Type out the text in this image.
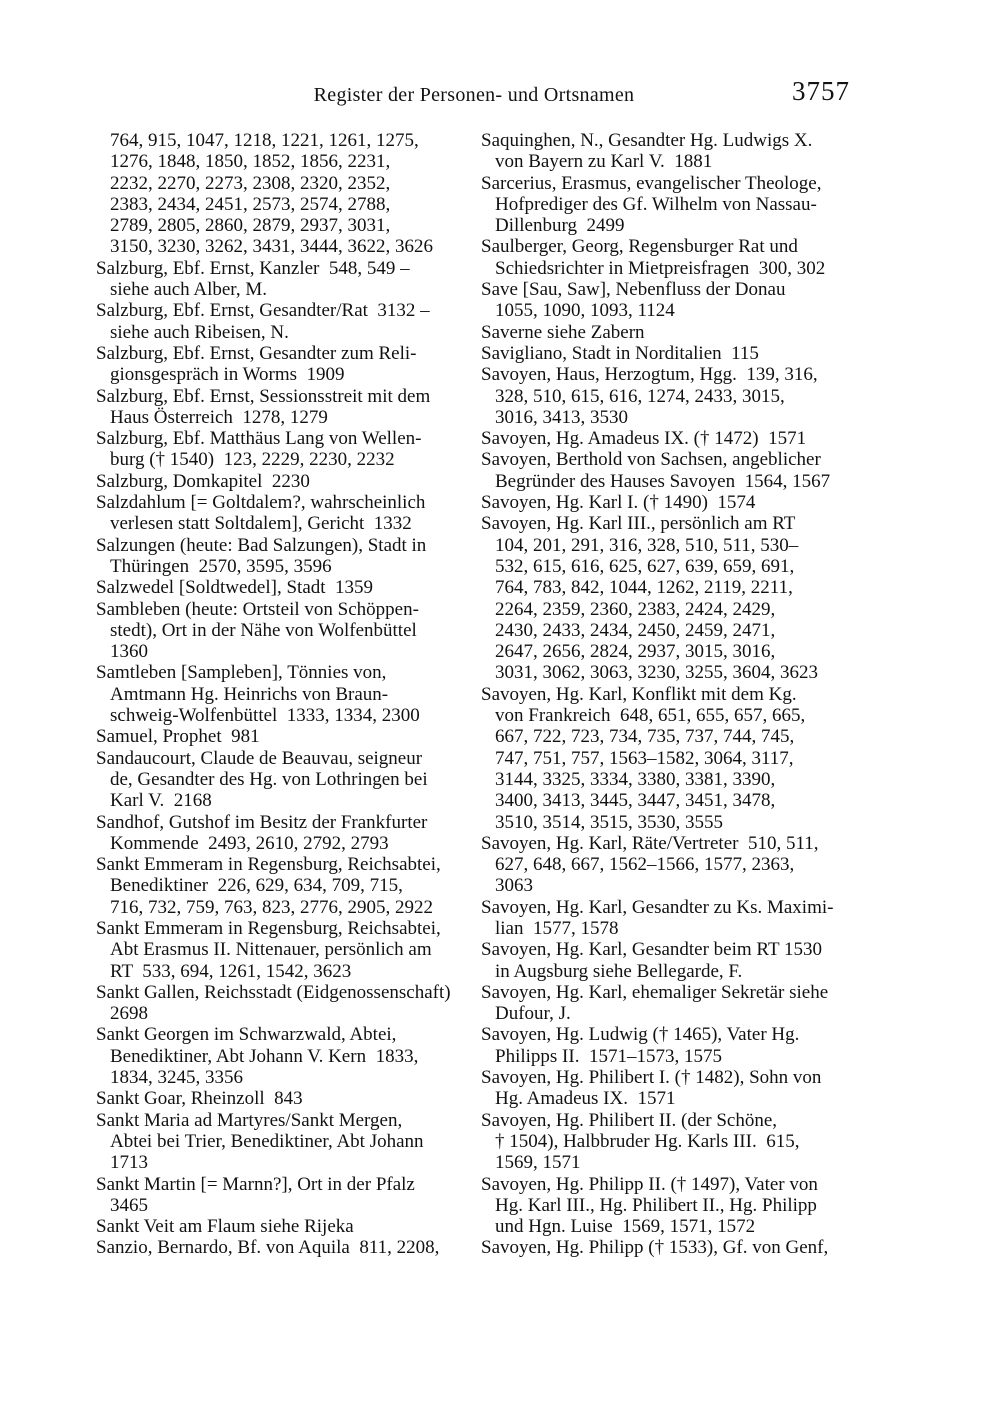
Register der Personen- und Ortsnamen	3757
764, 915, 1047, 1218, 1221, 1261, 1275,
1276, 1848, 1850, 1852, 1856, 2231,
2232, 2270, 2273, 2308, 2320, 2352,
2383, 2434, 2451, 2573, 2574, 2788,
2789, 2805, 2860, 2879, 2937, 3031,
3150, 3230, 3262, 3431, 3444, 3622, 3626
Salzburg, Ebf. Ernst, Kanzler  548, 549 –
siehe auch Alber, M.
Salzburg, Ebf. Ernst, Gesandter/Rat  3132 –
siehe auch Ribeisen, N.
Salzburg, Ebf. Ernst, Gesandter zum Reli-
gionsgespräch in Worms  1909
Salzburg, Ebf. Ernst, Sessionsstreit mit dem
Haus Österreich  1278, 1279
Salzburg, Ebf. Matthäus Lang von Wellen-
burg († 1540)  123, 2229, 2230, 2232
Salzburg, Domkapitel  2230
Salzdahlum [= Goltdalem?, wahrscheinlich
verlesen statt Soltdalem], Gericht  1332
Salzungen (heute: Bad Salzungen), Stadt in
Thüringen  2570, 3595, 3596
Salzwedel [Soldtwedel], Stadt  1359
Sambleben (heute: Ortsteil von Schöppen-
stedt), Ort in der Nähe von Wolfenbüttel
1360
Samtleben [Sampleben], Tönnies von,
Amtmann Hg. Heinrichs von Braun-
schweig-Wolfenbüttel  1333, 1334, 2300
Samuel, Prophet  981
Sandaucourt, Claude de Beauvau, seigneur
de, Gesandter des Hg. von Lothringen bei
Karl V.  2168
Sandhof, Gutshof im Besitz der Frankfurter
Kommende  2493, 2610, 2792, 2793
Sankt Emmeram in Regensburg, Reichsabtei,
Benediktiner  226, 629, 634, 709, 715,
716, 732, 759, 763, 823, 2776, 2905, 2922
Sankt Emmeram in Regensburg, Reichsabtei,
Abt Erasmus II. Nittenauer, persönlich am
RT  533, 694, 1261, 1542, 3623
Sankt Gallen, Reichsstadt (Eidgenossenschaft)
2698
Sankt Georgen im Schwarzwald, Abtei,
Benediktiner, Abt Johann V. Kern  1833,
1834, 3245, 3356
Sankt Goar, Rheinzoll  843
Sankt Maria ad Martyres/Sankt Mergen,
Abtei bei Trier, Benediktiner, Abt Johann
1713
Sankt Martin [= Marnn?], Ort in der Pfalz
3465
Sankt Veit am Flaum siehe Rijeka
Sanzio, Bernardo, Bf. von Aquila  811, 2208,
Saquinghen, N., Gesandter Hg. Ludwigs X.
von Bayern zu Karl V.  1881
Sarcerius, Erasmus, evangelischer Theologe,
Hofprediger des Gf. Wilhelm von Nassau-
Dillenburg  2499
Saulberger, Georg, Regensburger Rat und
Schiedsrichter in Mietpreisfragen  300, 302
Save [Sau, Saw], Nebenfluss der Donau
1055, 1090, 1093, 1124
Saverne siehe Zabern
Savigliano, Stadt in Norditalien  115
Savoyen, Haus, Herzogtum, Hgg.  139, 316,
328, 510, 615, 616, 1274, 2433, 3015,
3016, 3413, 3530
Savoyen, Hg. Amadeus IX. († 1472)  1571
Savoyen, Berthold von Sachsen, angeblicher
Begründer des Hauses Savoyen  1564, 1567
Savoyen, Hg. Karl I. († 1490)  1574
Savoyen, Hg. Karl III., persönlich am RT
104, 201, 291, 316, 328, 510, 511, 530–
532, 615, 616, 625, 627, 639, 659, 691,
764, 783, 842, 1044, 1262, 2119, 2211,
2264, 2359, 2360, 2383, 2424, 2429,
2430, 2433, 2434, 2450, 2459, 2471,
2647, 2656, 2824, 2937, 3015, 3016,
3031, 3062, 3063, 3230, 3255, 3604, 3623
Savoyen, Hg. Karl, Konflikt mit dem Kg.
von Frankreich  648, 651, 655, 657, 665,
667, 722, 723, 734, 735, 737, 744, 745,
747, 751, 757, 1563–1582, 3064, 3117,
3144, 3325, 3334, 3380, 3381, 3390,
3400, 3413, 3445, 3447, 3451, 3478,
3510, 3514, 3515, 3530, 3555
Savoyen, Hg. Karl, Räte/Vertreter  510, 511,
627, 648, 667, 1562–1566, 1577, 2363,
3063
Savoyen, Hg. Karl, Gesandter zu Ks. Maximi-
lian  1577, 1578
Savoyen, Hg. Karl, Gesandter beim RT 1530
in Augsburg siehe Bellegarde, F.
Savoyen, Hg. Karl, ehemaliger Sekretär siehe
Dufour, J.
Savoyen, Hg. Ludwig († 1465), Vater Hg.
Philipps II.  1571–1573, 1575
Savoyen, Hg. Philibert I. († 1482), Sohn von
Hg. Amadeus IX.  1571
Savoyen, Hg. Philibert II. (der Schöne,
† 1504), Halbbruder Hg. Karls III.  615,
1569, 1571
Savoyen, Hg. Philipp II. († 1497), Vater von
Hg. Karl III., Hg. Philibert II., Hg. Philipp
und Hgn. Luise  1569, 1571, 1572
Savoyen, Hg. Philipp († 1533), Gf. von Genf,
